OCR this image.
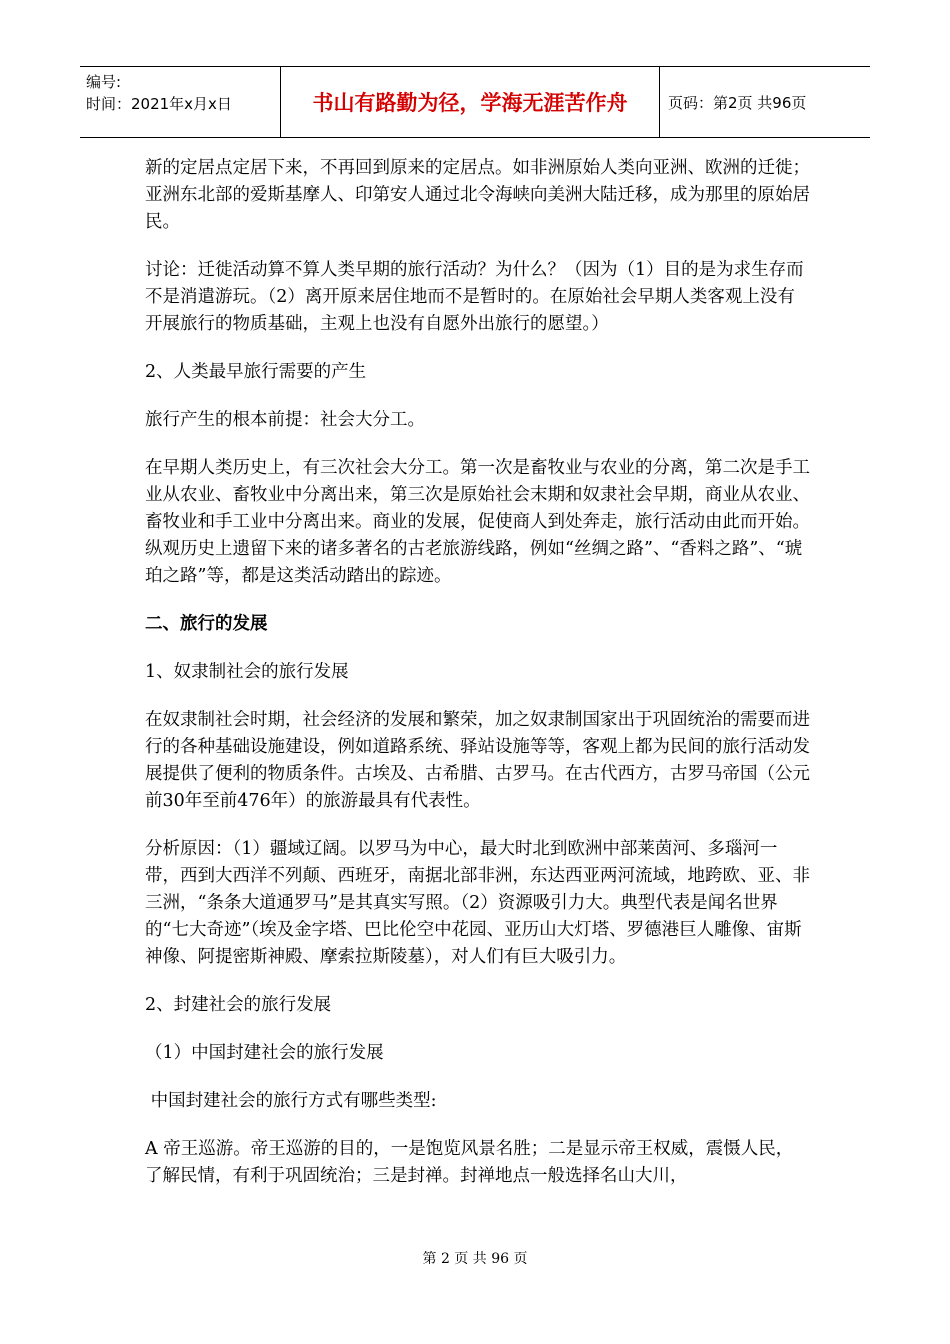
编号:
时间：2021年x月x日	书山有路勤为径，学海无涯苦作舟	页码：第2页 共96页

新的定居点定居下来，不再回到原来的定居点。如非洲原始人类向亚洲、欧洲的迁徙；亚洲东北部的爱斯基摩人、印第安人通过北令海峡向美洲大陆迁移，成为那里的原始居民。

讨论：迁徙活动算不算人类早期的旅行活动？为什么？（因为（1）目的是为求生存而不是消遣游玩。（2）离开原来居住地而不是暂时的。在原始社会早期人类客观上没有开展旅行的物质基础，主观上也没有自愿外出旅行的愿望。）

2、人类最早旅行需要的产生

旅行产生的根本前提：社会大分工。

在早期人类历史上，有三次社会大分工。第一次是畜牧业与农业的分离，第二次是手工业从农业、畜牧业中分离出来，第三次是原始社会末期和奴隶社会早期，商业从农业、畜牧业和手工业中分离出来。商业的发展，促使商人到处奔走，旅行活动由此而开始。纵观历史上遗留下来的诸多著名的古老旅游线路，例如“丝绸之路”、“香料之路”、“琥珀之路”等，都是这类活动踏出的踪迹。

二、旅行的发展

1、奴隶制社会的旅行发展

在奴隶制社会时期，社会经济的发展和繁荣，加之奴隶制国家出于巩固统治的需要而进行的各种基础设施建设，例如道路系统、驿站设施等等，客观上都为民间的旅行活动发展提供了便利的物质条件。古埃及、古希腊、古罗马。在古代西方，古罗马帝国（公元前30年至前476年）的旅游最具有代表性。

分析原因：（1）疆域辽阔。以罗马为中心，最大时北到欧洲中部莱茵河、多瑙河一带，西到大西洋不列颠、西班牙，南据北部非洲，东达西亚两河流域，地跨欧、亚、非三洲，“条条大道通罗马”是其真实写照。（2）资源吸引力大。典型代表是闻名世界的“七大奇迹”（埃及金字塔、巴比伦空中花园、亚历山大灯塔、罗德港巨人雕像、宙斯神像、阿提密斯神殿、摩索拉斯陵墓），对人们有巨大吸引力。

2、封建社会的旅行发展

（1）中国封建社会的旅行发展

中国封建社会的旅行方式有哪些类型:

A 帝王巡游。帝王巡游的目的，一是饱览风景名胜；二是显示帝王权威，震慑人民，了解民情，有利于巩固统治；三是封禅。封禅地点一般选择名山大川，

第 2 页 共 96 页
